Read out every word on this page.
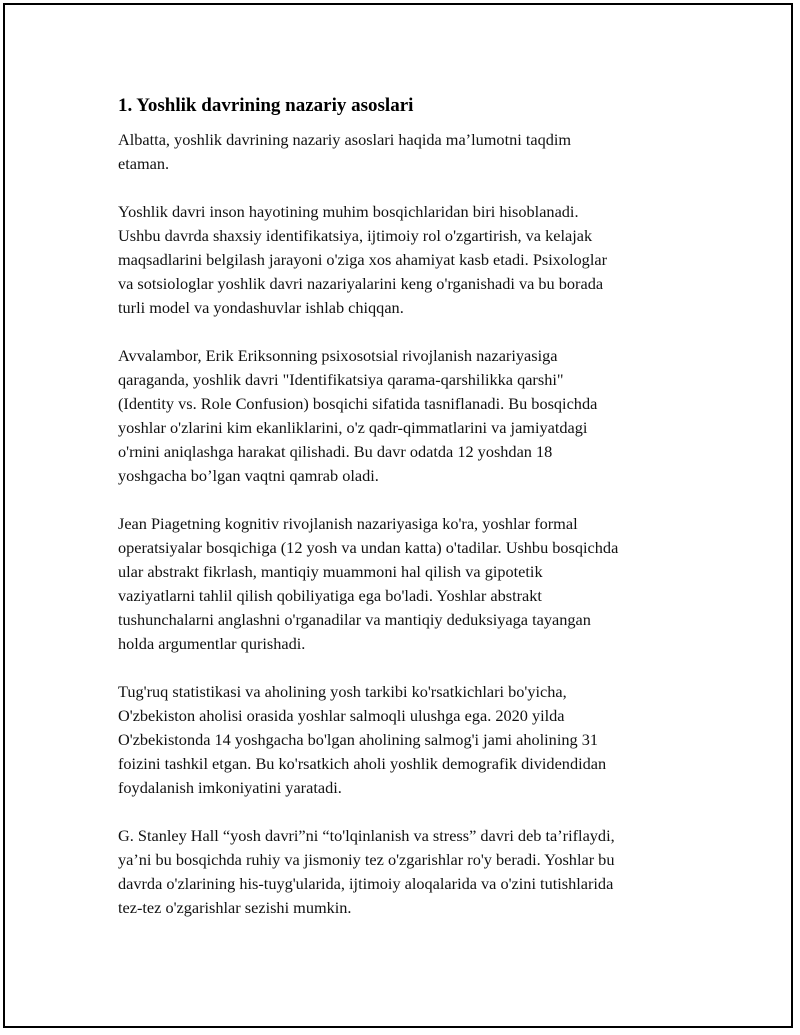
1. Yoshlik davrining nazariy asoslari
Albatta, yoshlik davrining nazariy asoslari haqida ma’lumotni taqdim
etaman.
Yoshlik davri inson hayotining muhim bosqichlaridan biri hisoblanadi.
Ushbu davrda shaxsiy identifikatsiya, ijtimoiy rol o'zgartirish, va kelajak
maqsadlarini belgilash jarayoni o'ziga xos ahamiyat kasb etadi. Psixologlar
va sotsiologlar yoshlik davri nazariyalarini keng o'rganishadi va bu borada
turli model va yondashuvlar ishlab chiqqan.
Avvalambor, Erik Eriksonning psixosotsial rivojlanish nazariyasiga
qaraganda, yoshlik davri "Identifikatsiya qarama-qarshilikka qarshi"
(Identity vs. Role Confusion) bosqichi sifatida tasniflanadi. Bu bosqichda
yoshlar o'zlarini kim ekanliklarini, o'z qadr-qimmatlarini va jamiyatdagi
o'rnini aniqlashga harakat qilishadi. Bu davr odatda 12 yoshdan 18
yoshgacha bo’lgan vaqtni qamrab oladi.
Jean Piagetning kognitiv rivojlanish nazariyasiga ko'ra, yoshlar formal
operatsiyalar bosqichiga (12 yosh va undan katta) o'tadilar. Ushbu bosqichda
ular abstrakt fikrlash, mantiqiy muammoni hal qilish va gipotetik
vaziyatlarni tahlil qilish qobiliyatiga ega bo'ladi. Yoshlar abstrakt
tushunchalarni anglashni o'rganadilar va mantiqiy deduksiyaga tayangan
holda argumentlar qurishadi.
Tug'ruq statistikasi va aholining yosh tarkibi ko'rsatkichlari bo'yicha,
O'zbekiston aholisi orasida yoshlar salmoqli ulushga ega. 2020 yilda
O'zbekistonda 14 yoshgacha bo'lgan aholining salmog'i jami aholining 31
foizini tashkil etgan. Bu ko'rsatkich aholi yoshlik demografik dividendidan
foydalanish imkoniyatini yaratadi.
G. Stanley Hall “yosh davri”ni “to'lqinlanish va stress” davri deb ta’riflaydi,
ya’ni bu bosqichda ruhiy va jismoniy tez o'zgarishlar ro'y beradi. Yoshlar bu
davrda o'zlarining his-tuyg'ularida, ijtimoiy aloqalarida va o'zini tutishlarida
tez-tez o'zgarishlar sezishi mumkin.
